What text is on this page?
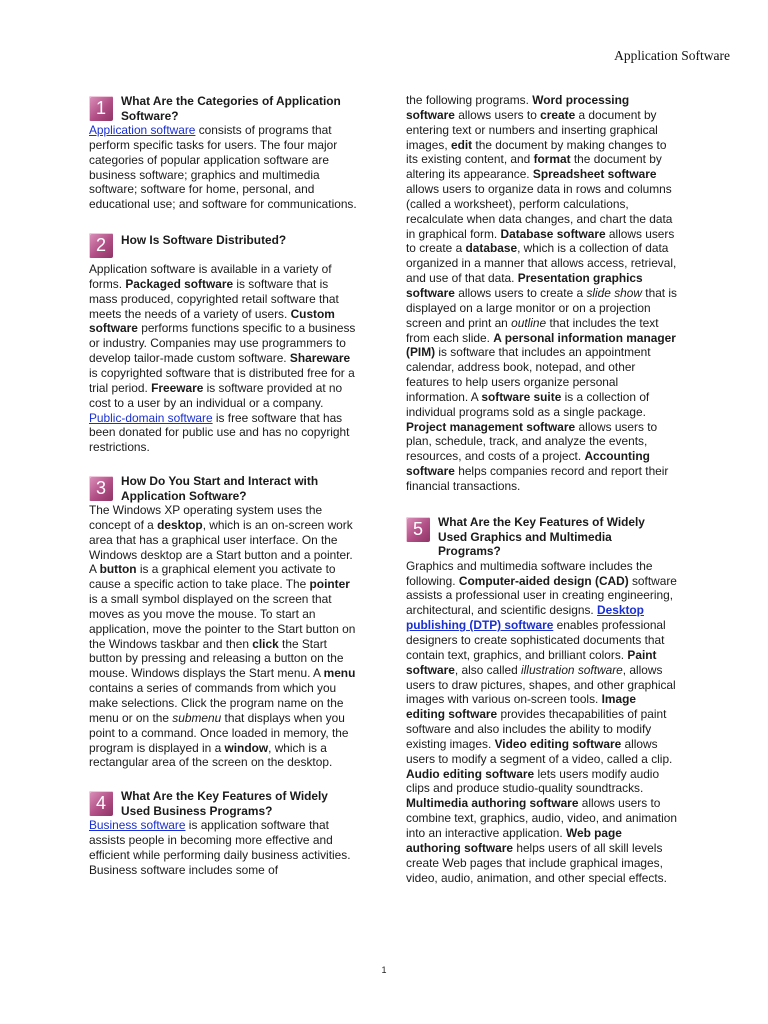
Application Software
1	What Are the Categories of Application
Software?

Application software consists of programs that perform specific tasks for users. The four major categories of popular application software are business software; graphics and multimedia software; software for home, personal, and educational use; and software for communications.

2	How Is Software Distributed?

Application software is available in a variety of forms. Packaged software is software that is mass produced, copyrighted retail software that meets the needs of a variety of users. Custom software performs functions specific to a business or industry. Companies may use programmers to develop tailor-made custom software. Shareware is copyrighted software that is distributed free for a trial period. Freeware is software provided at no cost to a user by an individual or a company. Public-domain software is free software that has been donated for public use and has no copyright restrictions.

3	How Do You Start and Interact with
Application Software?

The Windows XP operating system uses the concept of a desktop, which is an on-screen work area that has a graphical user interface. On the Windows desktop are a Start button and a pointer. A button is a graphical element you activate to cause a specific action to take place. The pointer is a small symbol displayed on the screen that moves as you move the mouse. To start an application, move the pointer to the Start button on the Windows taskbar and then click the Start button by pressing and releasing a button on the mouse. Windows displays the Start menu. A menu contains a series of commands from which you make selections. Click the program name on the menu or on the submenu that displays when you point to a command. Once loaded in memory, the program is displayed in a window, which is a rectangular area of the screen on the desktop.

4	What Are the Key Features of Widely
Used Business Programs?

Business software is application software that assists people in becoming more effective and efficient while performing daily business activities. Business software includes some of

the following programs. Word processing software allows users to create a document by entering text or numbers and inserting graphical images, edit the document by making changes to its existing content, and format the document by altering its appearance. Spreadsheet software allows users to organize data in rows and columns (called a worksheet), perform calculations, recalculate when data changes, and chart the data in graphical form. Database software allows users to create a database, which is a collection of data organized in a manner that allows access, retrieval, and use of that data. Presentation graphics software allows users to create a slide show that is displayed on a large monitor or on a projection screen and print an outline that includes the text from each slide. A personal information manager (PIM) is software that includes an appointment calendar, address book, notepad, and other features to help users organize personal information. A software suite is a collection of individual programs sold as a single package. Project management software allows users to plan, schedule, track, and analyze the events, resources, and costs of a project. Accounting software helps companies record and report their financial transactions.

5	What Are the Key Features of Widely
Used Graphics and Multimedia
Programs?

Graphics and multimedia software includes the following. Computer-aided design (CAD) software assists a professional user in creating engineering, architectural, and scientific designs. Desktop publishing (DTP) software enables professional designers to create sophisticated documents that contain text, graphics, and brilliant colors. Paint software, also called illustration software, allows users to draw pictures, shapes, and other graphical images with various on-screen tools. Image editing software provides thecapabilities of paint software and also includes the ability to modify existing images. Video editing software allows users to modify a segment of a video, called a clip. Audio editing software lets users modify audio clips and produce studio-quality soundtracks. Multimedia authoring software allows users to combine text, graphics, audio, video, and animation into an interactive application. Web page authoring software helps users of all skill levels create Web pages that include graphical images, video, audio, animation, and other special effects.

1
